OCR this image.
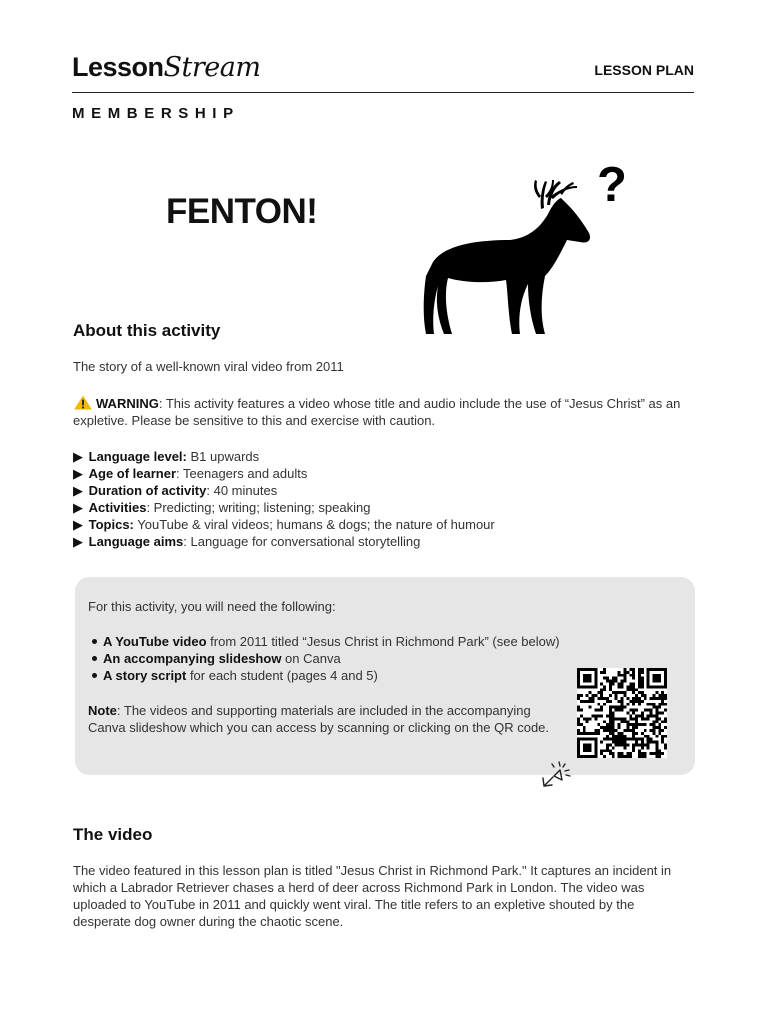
LessonStream	LESSON PLAN
MEMBERSHIP
FENTON!	?
About this activity

The story of a well-known viral video from 2011

WARNING: This activity features a video whose title and audio include the use of “Jesus Christ” as an expletive. Please be sensitive to this and exercise with caution.

▶ Language level: B1 upwards
▶ Age of learner: Teenagers and adults
▶ Duration of activity: 40 minutes
▶ Activities: Predicting; writing; listening; speaking
▶ Topics: YouTube & viral videos; humans & dogs; the nature of humour
▶ Language aims: Language for conversational storytelling

For this activity, you will need the following:

A YouTube video from 2011 titled “Jesus Christ in Richmond Park” (see below)
An accompanying slideshow on Canva
A story script for each student (pages 4 and 5)

Note: The videos and supporting materials are included in the accompanying Canva slideshow which you can access by scanning or clicking on the QR code.

The video

The video featured in this lesson plan is titled "Jesus Christ in Richmond Park." It captures an incident in which a Labrador Retriever chases a herd of deer across Richmond Park in London. The video was uploaded to YouTube in 2011 and quickly went viral. The title refers to an expletive shouted by the desperate dog owner during the chaotic scene.
